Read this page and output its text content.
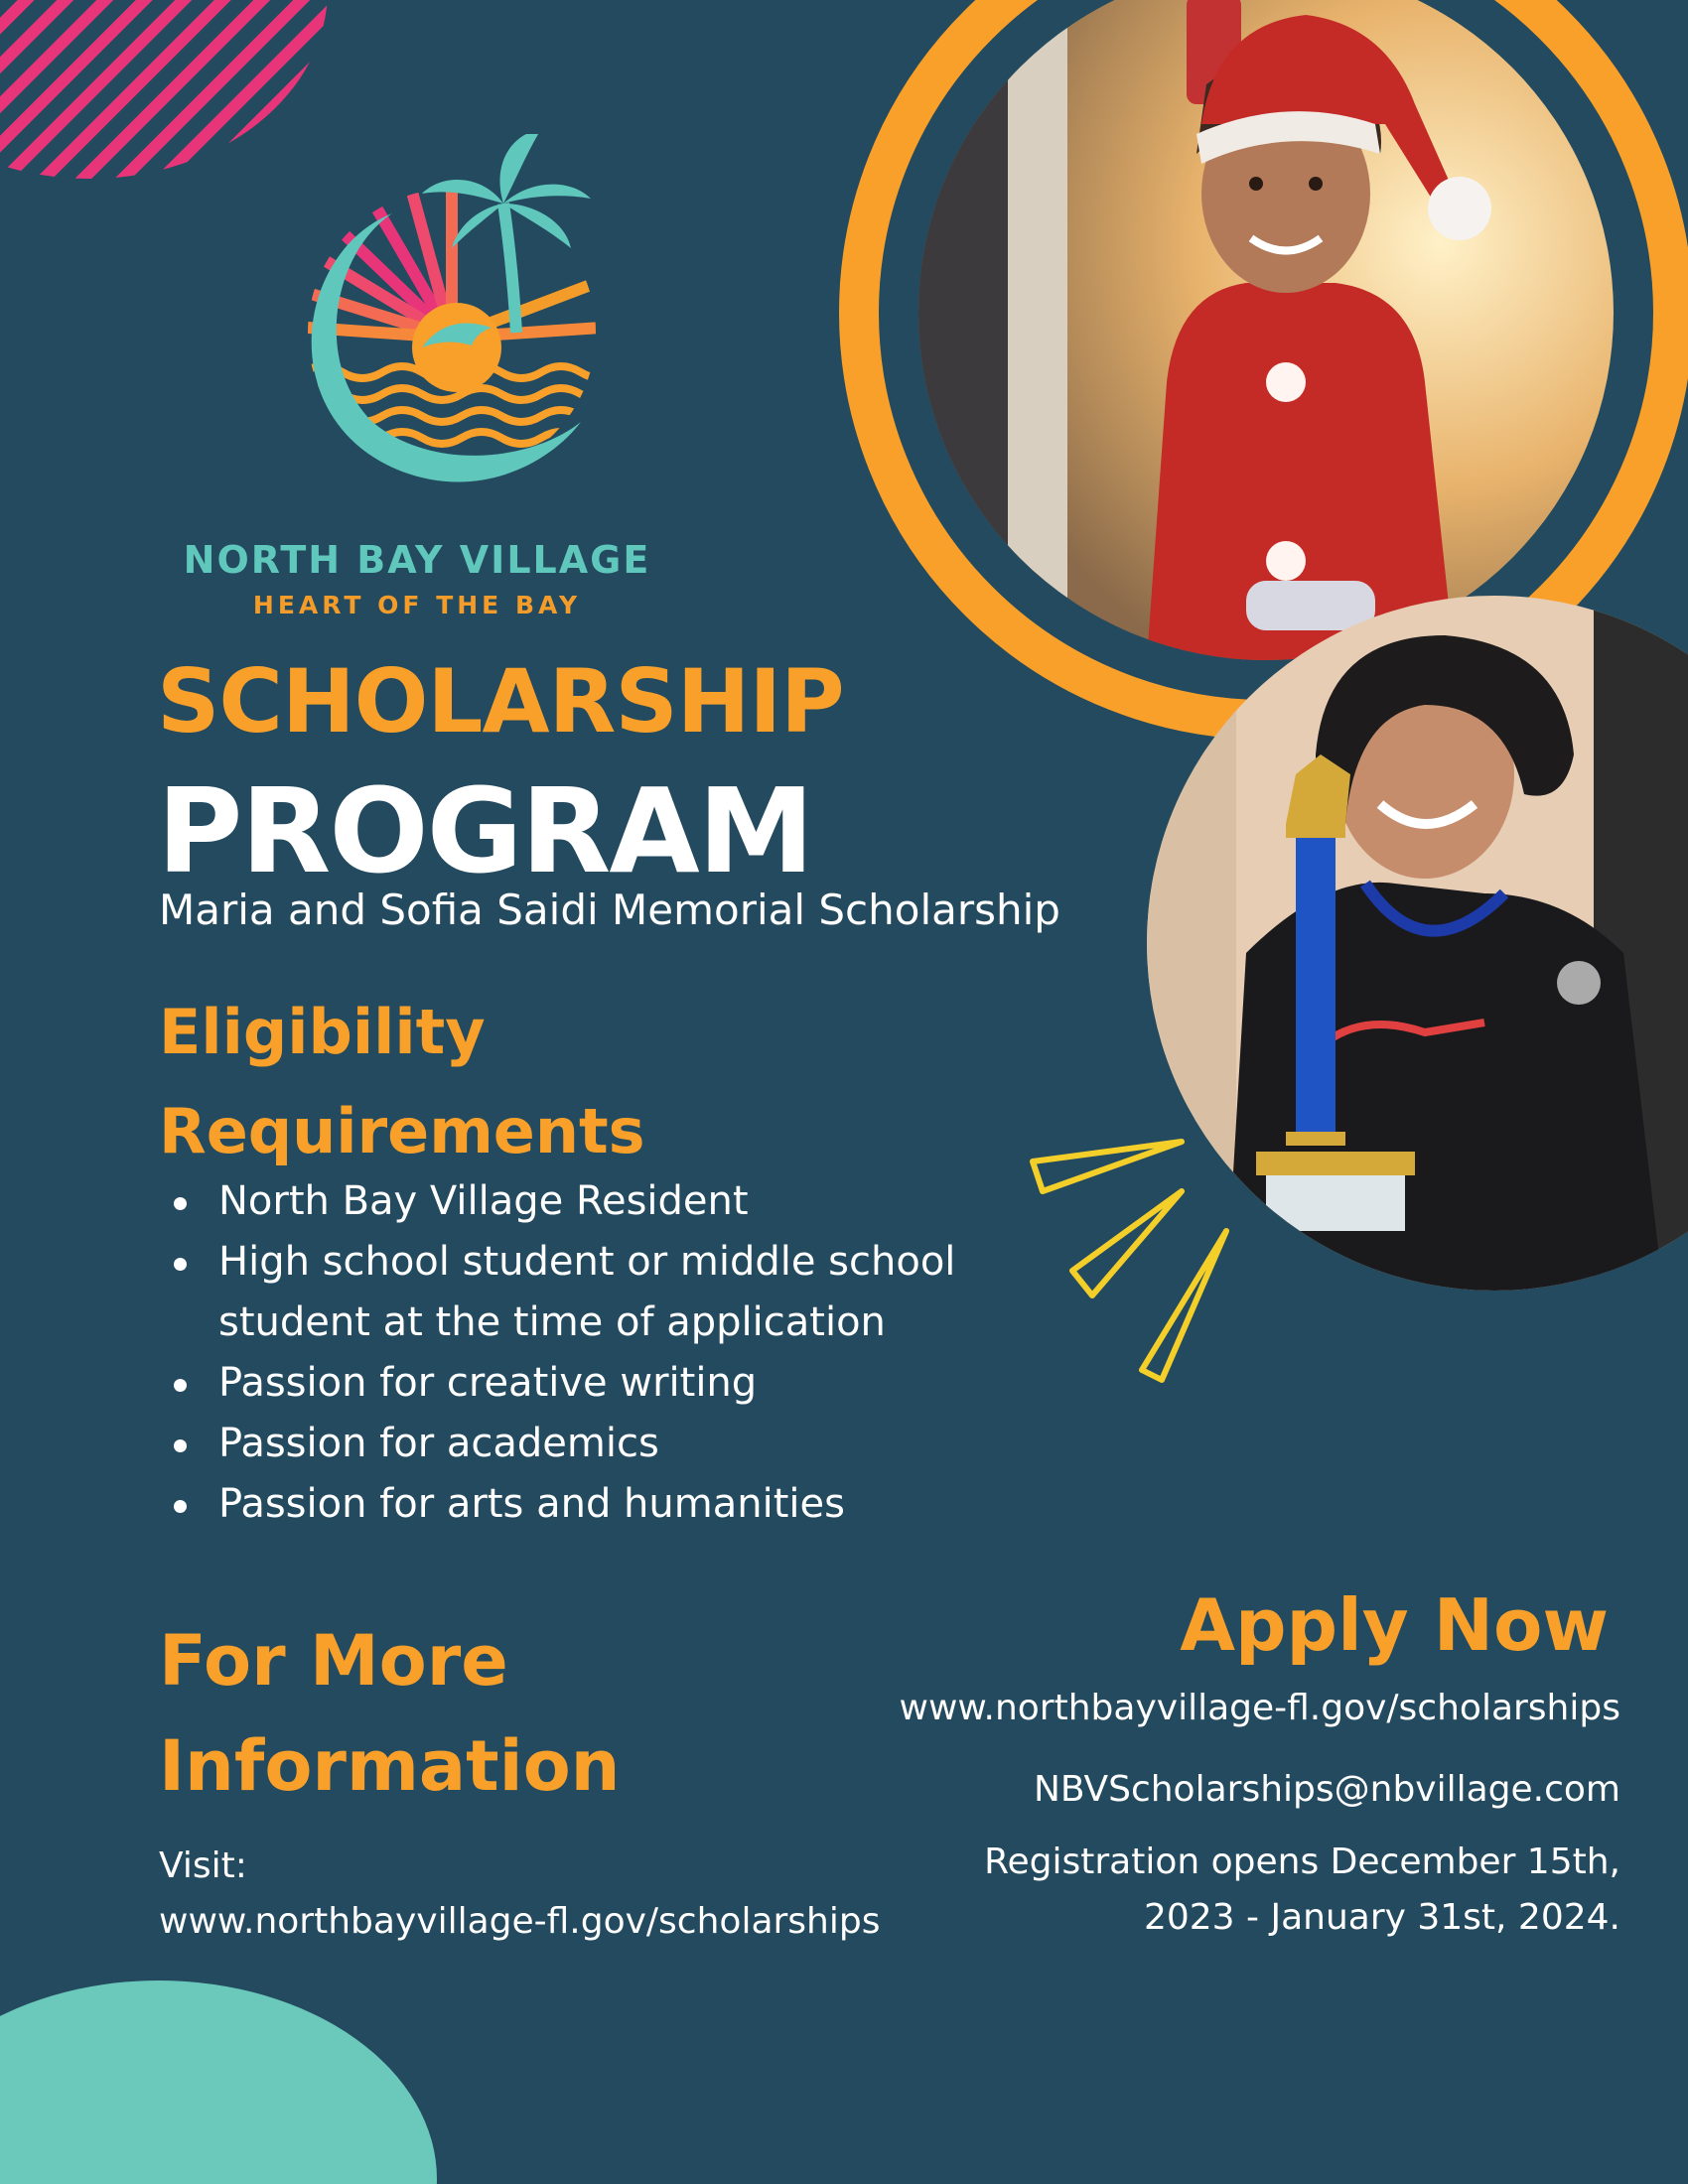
NORTH BAY VILLAGE
HEART OF THE BAY
SCHOLARSHIP
PROGRAM
Maria and Sofia Saidi Memorial Scholarship
Eligibility
Requirements
North Bay Village Resident
High school student or middle school student at the time of application
Passion for creative writing
Passion for academics
Passion for arts and humanities
For More
Information
Visit:
www.northbayvillage-fl.gov/scholarships
Apply Now
www.northbayvillage-fl.gov/scholarships
NBVScholarships@nbvillage.com
Registration opens December 15th,
2023 - January 31st, 2024.
